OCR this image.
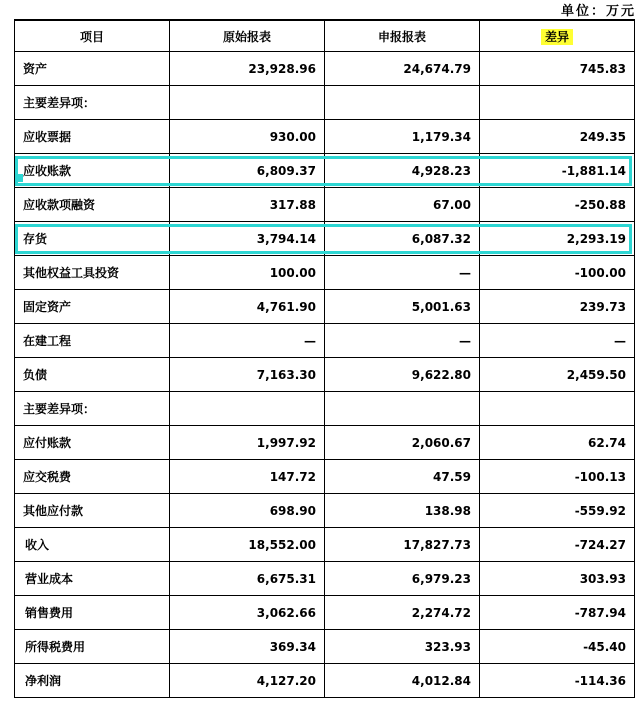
单位：万元
项目	原始报表	申报报表	差异
资产	23,928.96	24,674.79	745.83
主要差异项：			
应收票据	930.00	1,179.34	249.35
应收账款	6,809.37	4,928.23	-1,881.14
应收款项融资	317.88	67.00	-250.88
存货	3,794.14	6,087.32	2,293.19
其他权益工具投资	100.00	—	-100.00
固定资产	4,761.90	5,001.63	239.73
在建工程	—	—	—
负债	7,163.30	9,622.80	2,459.50
主要差异项：			
应付账款	1,997.92	2,060.67	62.74
应交税费	147.72	47.59	-100.13
其他应付款	698.90	138.98	-559.92
收入	18,552.00	17,827.73	-724.27
营业成本	6,675.31	6,979.23	303.93
销售费用	3,062.66	2,274.72	-787.94
所得税费用	369.34	323.93	-45.40
净利润	4,127.20	4,012.84	-114.36
